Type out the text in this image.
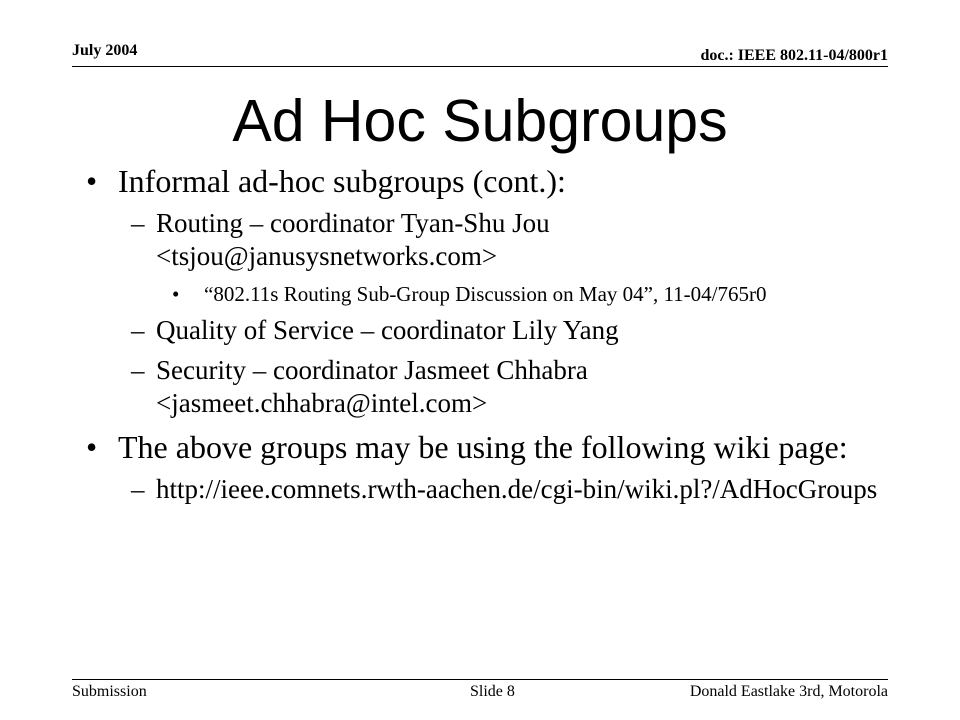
July 2004	doc.: IEEE 802.11-04/800r1
Ad Hoc Subgroups
• Informal ad-hoc subgroups (cont.):
– Routing – coordinator Tyan-Shu Jou <tsjou@janusysnetworks.com>
• “802.11s Routing Sub-Group Discussion on May 04”, 11-04/765r0
– Quality of Service – coordinator Lily Yang
– Security – coordinator Jasmeet Chhabra <jasmeet.chhabra@intel.com>
• The above groups may be using the following wiki page:
– http://ieee.comnets.rwth-aachen.de/cgi-bin/wiki.pl?/AdHocGroups
Submission	Slide 8	Donald Eastlake 3rd, Motorola
